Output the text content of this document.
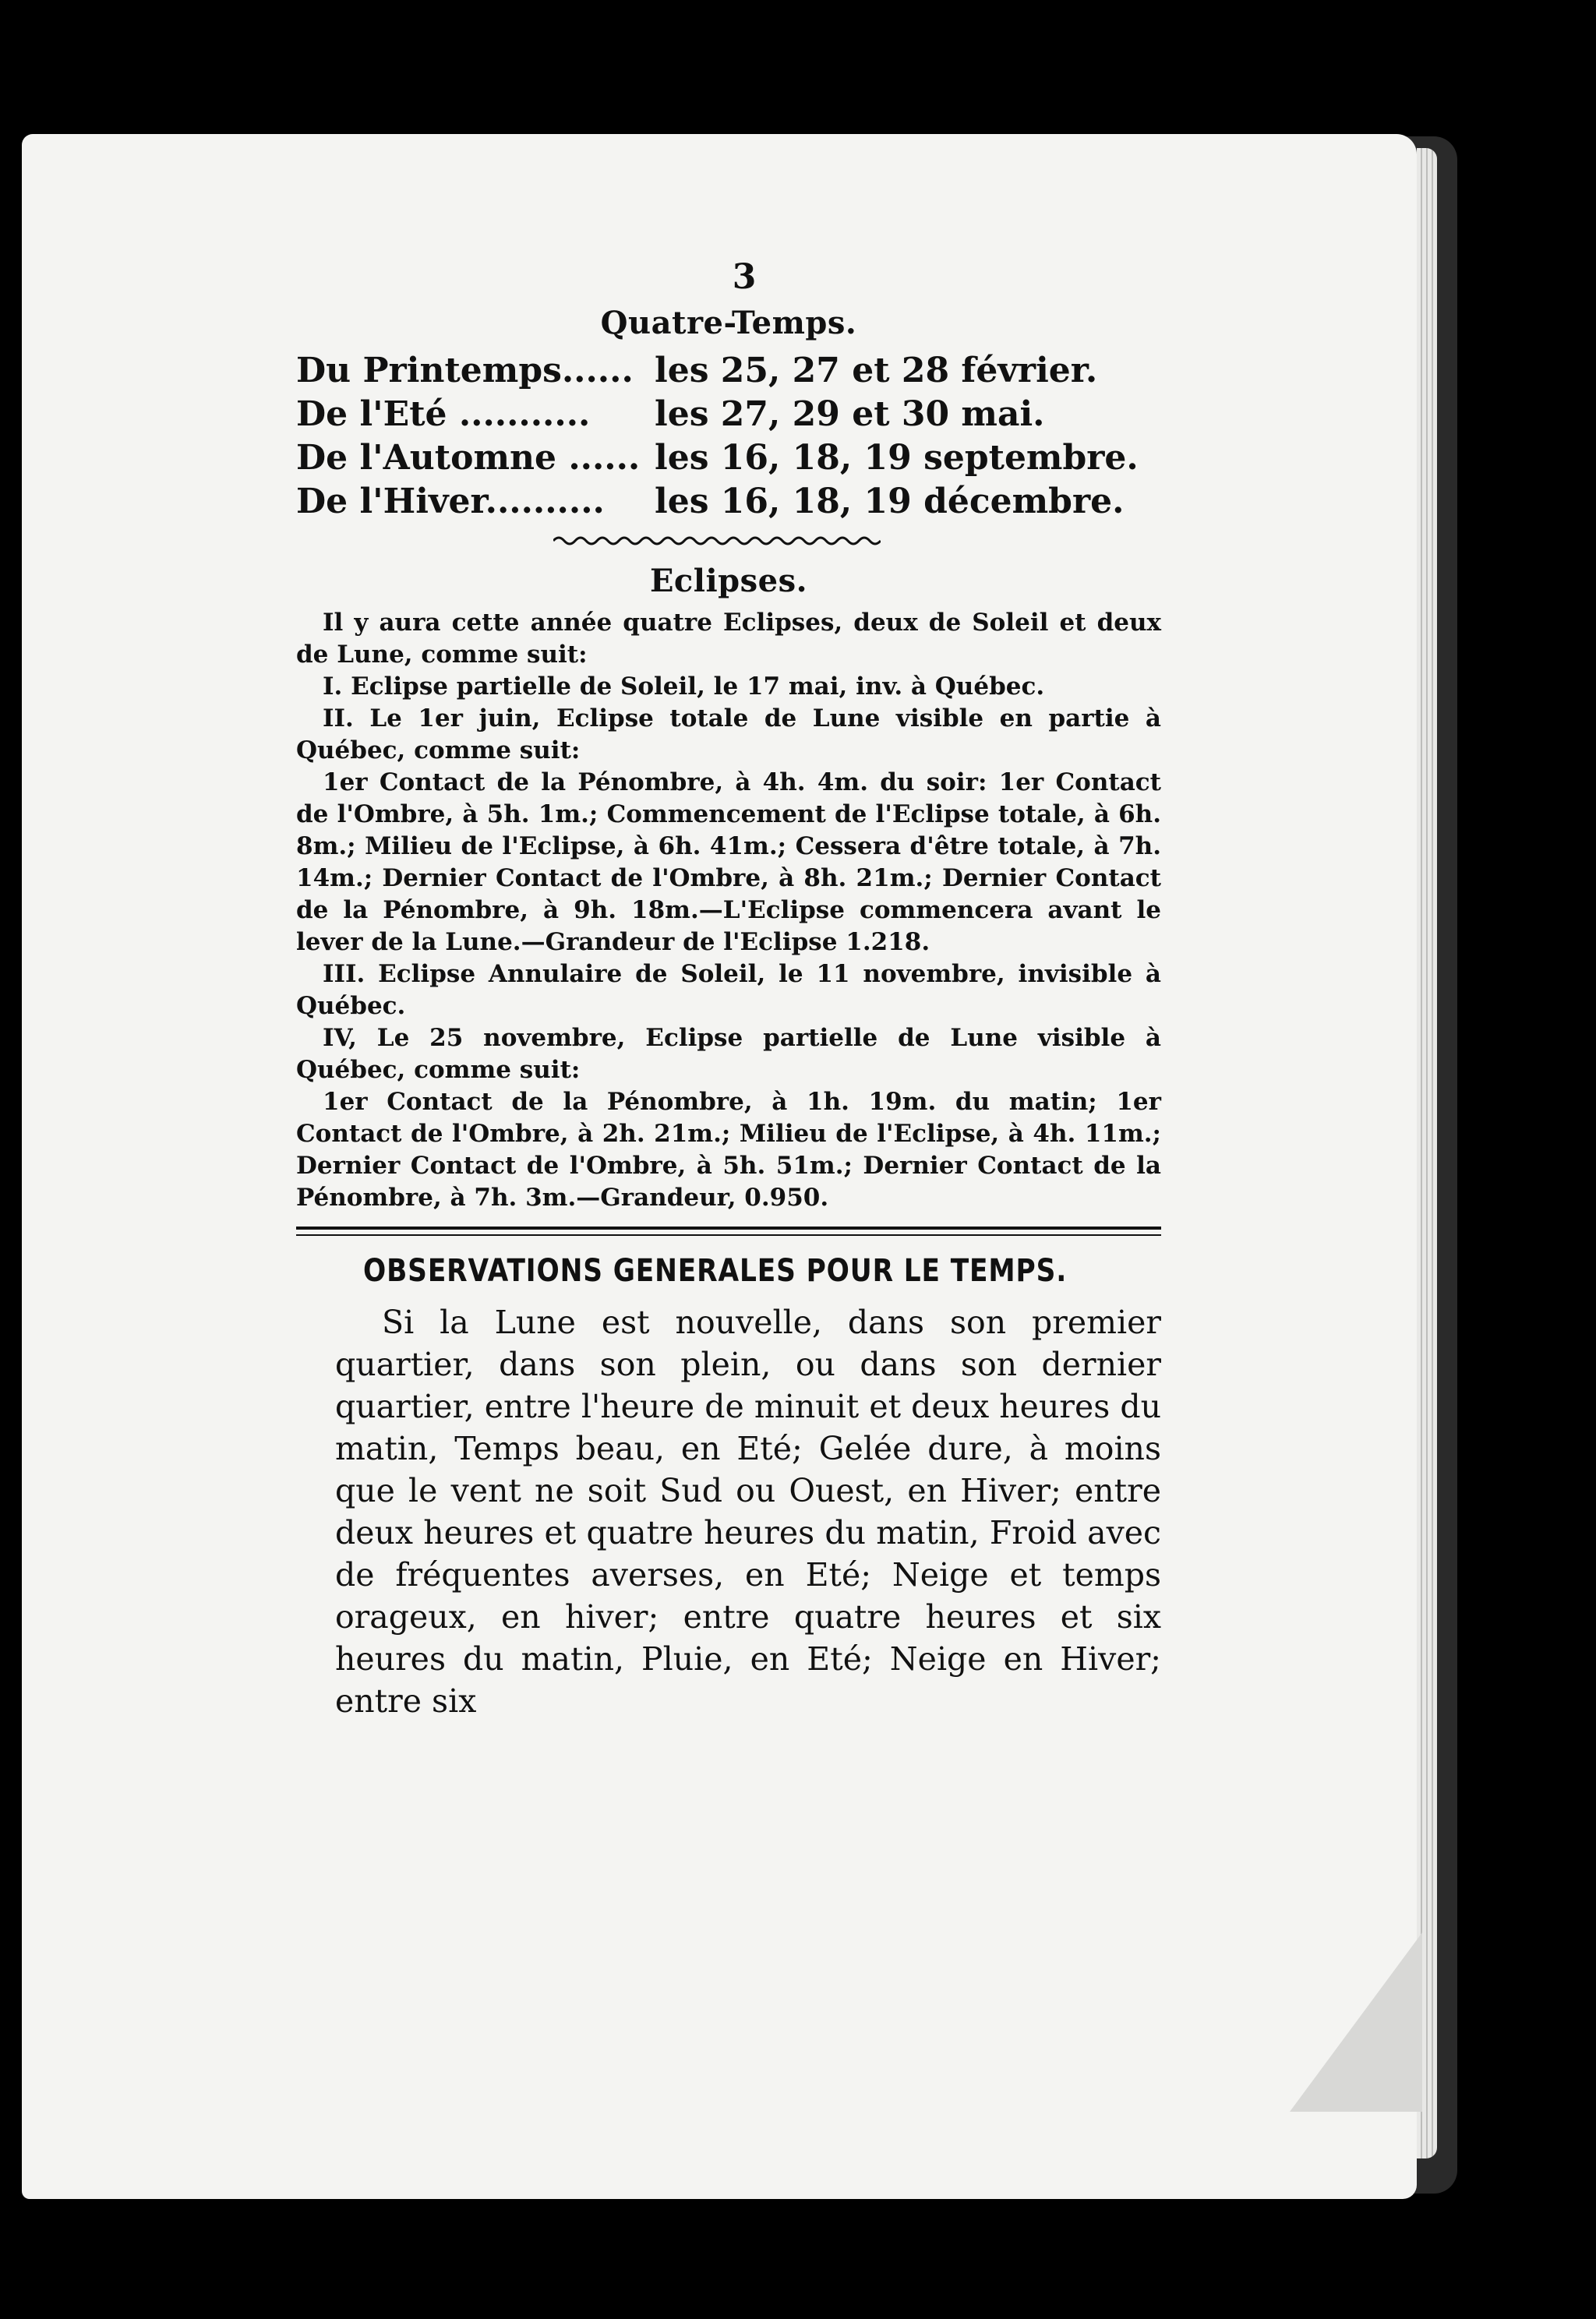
3
Quatre-Temps.
Du Printemps...... les 25, 27 et 28 février.
De l'Eté ...........	les 27, 29 et 30 mai.
De l'Automne ...... les 16, 18, 19 septembre.
De l'Hiver..........	les 16, 18, 19 décembre.
Eclipses.

Il y aura cette année quatre Eclipses, deux de Soleil et deux de Lune, comme suit:

I. Eclipse partielle de Soleil, le 17 mai, inv. à Québec.

II. Le 1er juin, Eclipse totale de Lune visible en partie à Québec, comme suit:

1er Contact de la Pénombre, à 4h. 4m. du soir: 1er Contact de l'Ombre, à 5h. 1m.; Commencement de l'Eclipse totale, à 6h. 8m.; Milieu de l'Eclipse, à 6h. 41m.; Cessera d'être totale, à 7h. 14m.; Dernier Contact de l'Ombre, à 8h. 21m.; Dernier Contact de la Pénombre, à 9h. 18m.—L'Eclipse commencera avant le lever de la Lune.—Grandeur de l'Eclipse 1.218.

III. Eclipse Annulaire de Soleil, le 11 novembre, invisible à Québec.

IV, Le 25 novembre, Eclipse partielle de Lune visible à Québec, comme suit:

1er Contact de la Pénombre, à 1h. 19m. du matin; 1er Contact de l'Ombre, à 2h. 21m.; Milieu de l'Eclipse, à 4h. 11m.; Dernier Contact de l'Ombre, à 5h. 51m.; Dernier Contact de la Pénombre, à 7h. 3m.—Grandeur, 0.950.

OBSERVATIONS GENERALES POUR LE TEMPS.

Si la Lune est nouvelle, dans son premier quartier, dans son plein, ou dans son dernier quartier, entre l'heure de minuit et deux heures du matin, Temps beau, en Eté; Gelée dure, à moins que le vent ne soit Sud ou Ouest, en Hiver; entre deux heures et quatre heures du matin, Froid avec de fréquentes averses, en Eté; Neige et temps orageux, en hiver; entre quatre heures et six heures du matin, Pluie, en Eté; Neige en Hiver; entre six
